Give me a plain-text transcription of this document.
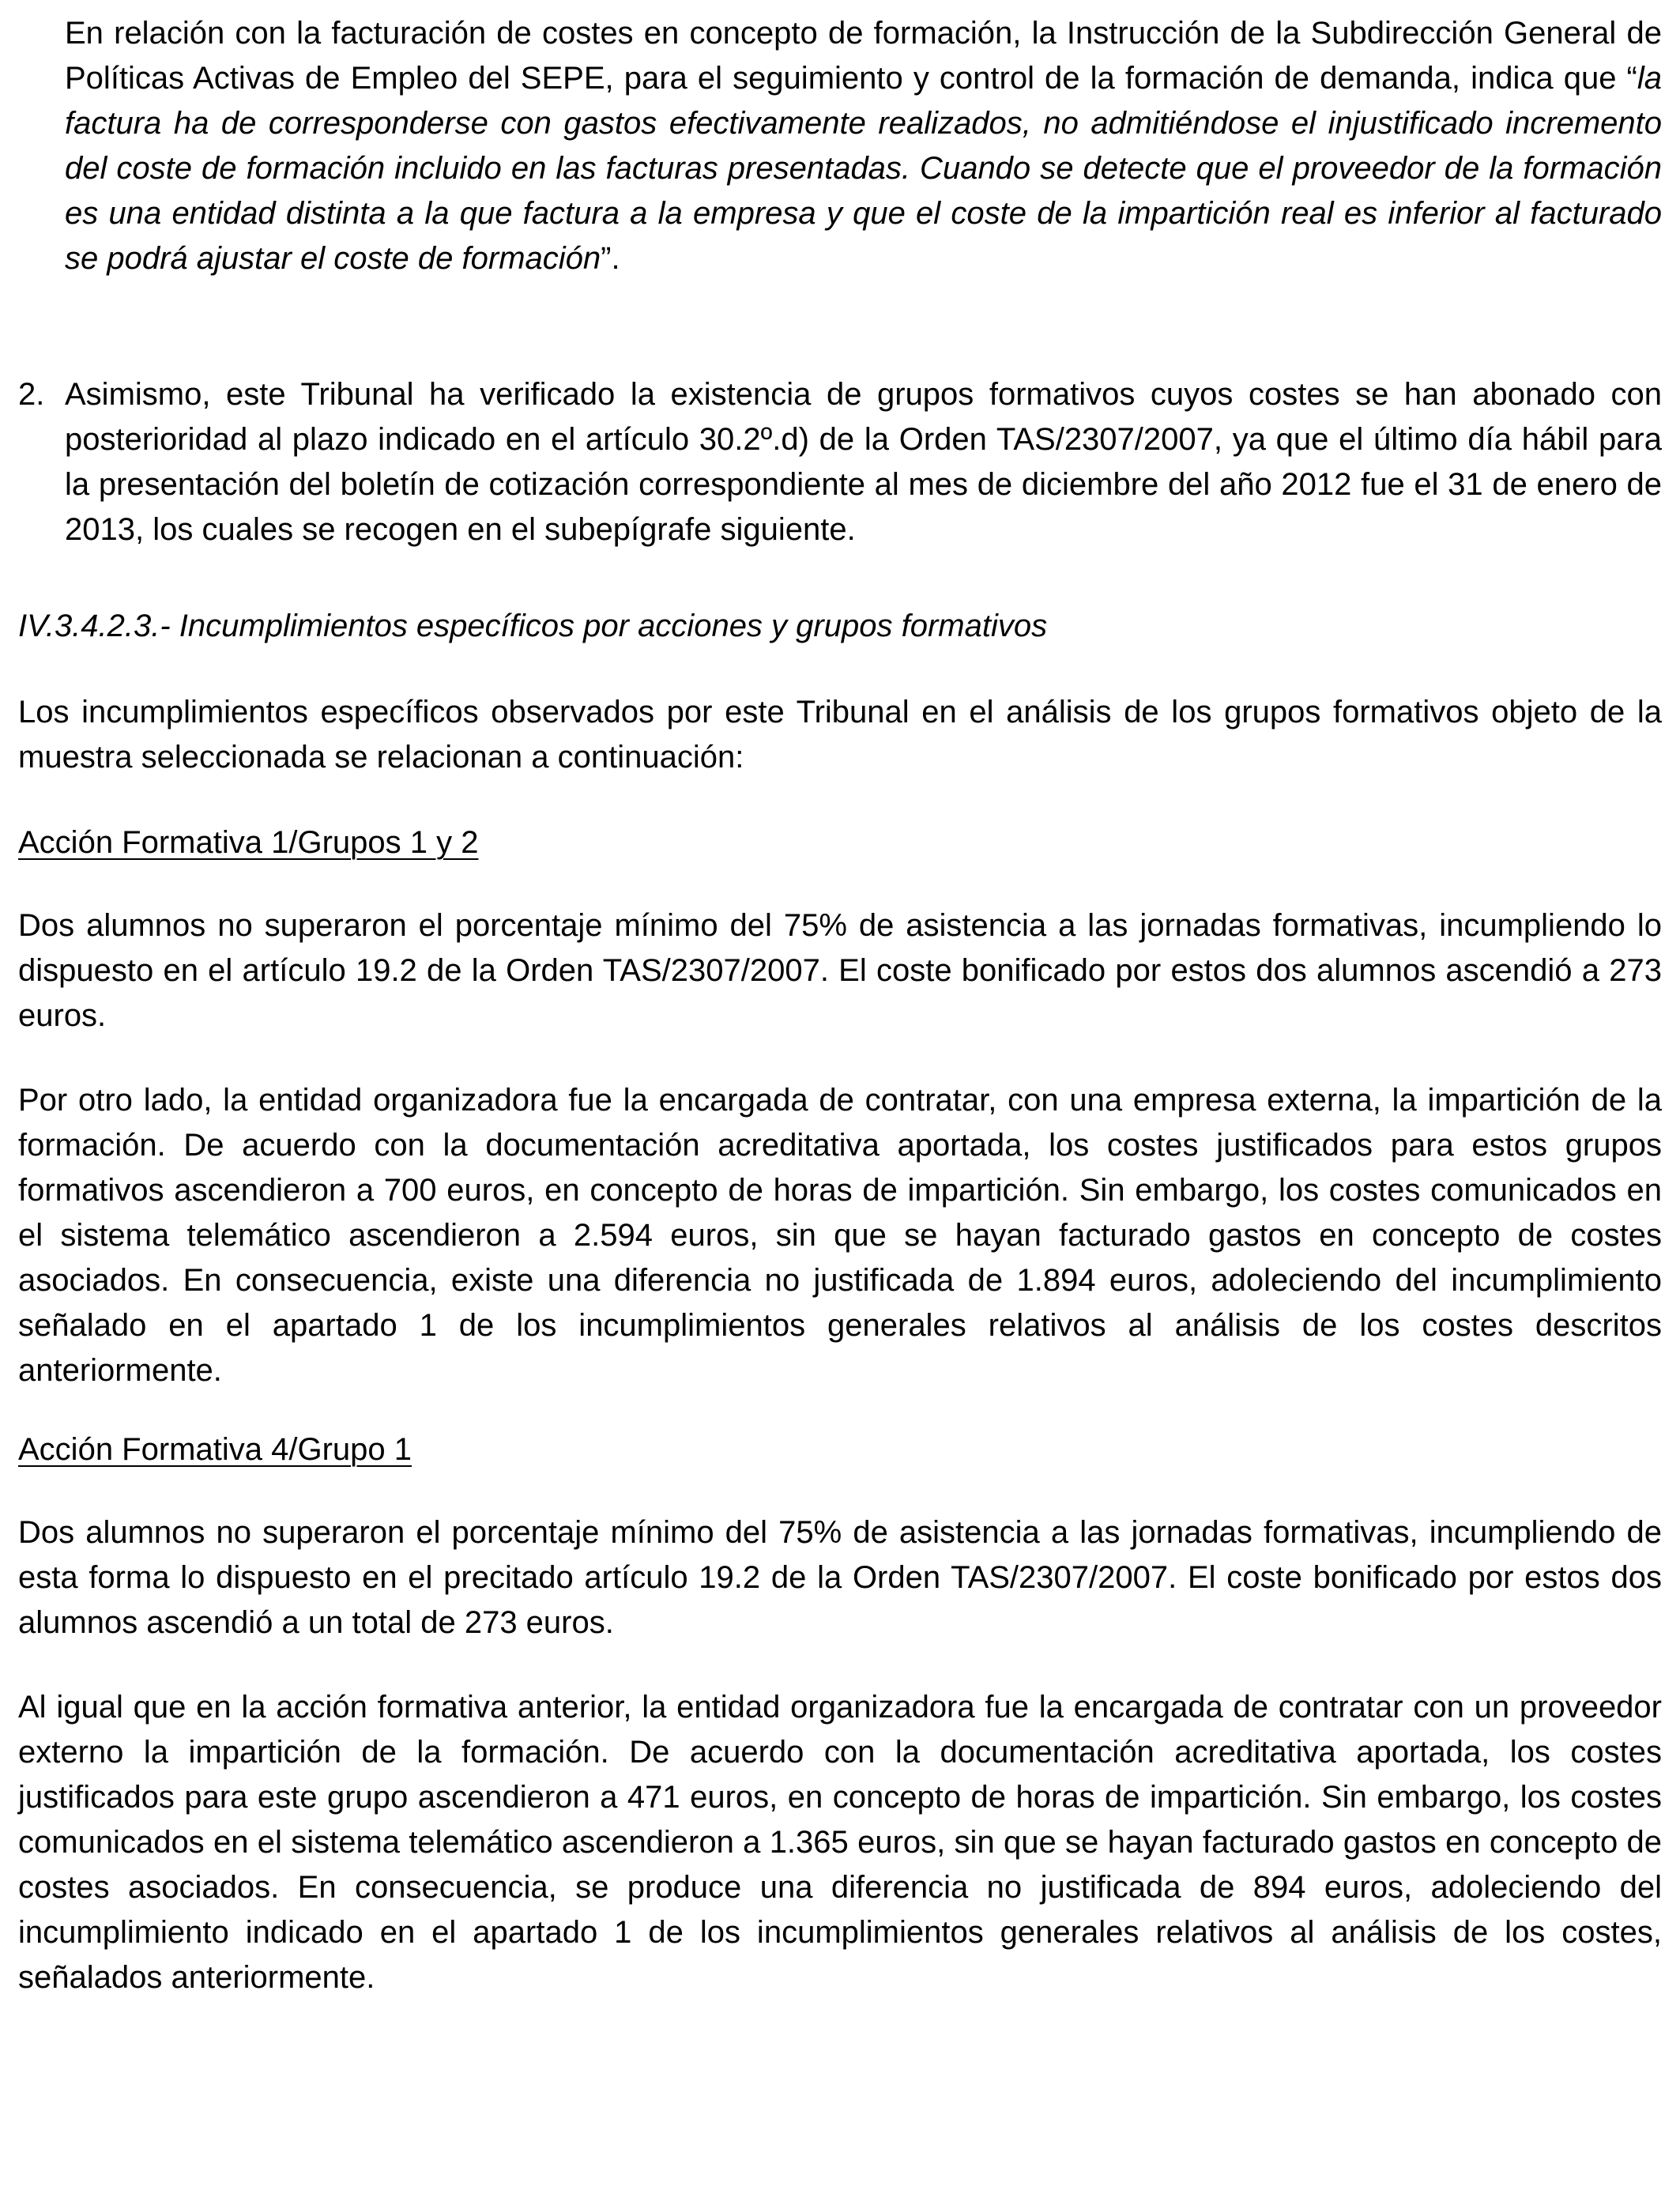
En relación con la facturación de costes en concepto de formación, la Instrucción de la Subdirección General de Políticas Activas de Empleo del SEPE, para el seguimiento y control de la formación de demanda, indica que “la factura ha de corresponderse con gastos efectivamente realizados, no admitiéndose el injustificado incremento del coste de formación incluido en las facturas presentadas. Cuando se detecte que el proveedor de la formación es una entidad distinta a la que factura a la empresa y que el coste de la impartición real es inferior al facturado se podrá ajustar el coste de formación”.

2. Asimismo, este Tribunal ha verificado la existencia de grupos formativos cuyos costes se han abonado con posterioridad al plazo indicado en el artículo 30.2º.d) de la Orden TAS/2307/2007, ya que el último día hábil para la presentación del boletín de cotización correspondiente al mes de diciembre del año 2012 fue el 31 de enero de 2013, los cuales se recogen en el subepígrafe siguiente.

IV.3.4.2.3.- Incumplimientos específicos por acciones y grupos formativos

Los incumplimientos específicos observados por este Tribunal en el análisis de los grupos formativos objeto de la muestra seleccionada se relacionan a continuación:

Acción Formativa 1/Grupos 1 y 2

Dos alumnos no superaron el porcentaje mínimo del 75% de asistencia a las jornadas formativas, incumpliendo lo dispuesto en el artículo 19.2 de la Orden TAS/2307/2007. El coste bonificado por estos dos alumnos ascendió a 273 euros.

Por otro lado, la entidad organizadora fue la encargada de contratar, con una empresa externa, la impartición de la formación. De acuerdo con la documentación acreditativa aportada, los costes justificados para estos grupos formativos ascendieron a 700 euros, en concepto de horas de impartición. Sin embargo, los costes comunicados en el sistema telemático ascendieron a 2.594 euros, sin que se hayan facturado gastos en concepto de costes asociados. En consecuencia, existe una diferencia no justificada de 1.894 euros, adoleciendo del incumplimiento señalado en el apartado 1 de los incumplimientos generales relativos al análisis de los costes descritos anteriormente.

Acción Formativa 4/Grupo 1

Dos alumnos no superaron el porcentaje mínimo del 75% de asistencia a las jornadas formativas, incumpliendo de esta forma lo dispuesto en el precitado artículo 19.2 de la Orden TAS/2307/2007. El coste bonificado por estos dos alumnos ascendió a un total de 273 euros.

Al igual que en la acción formativa anterior, la entidad organizadora fue la encargada de contratar con un proveedor externo la impartición de la formación. De acuerdo con la documentación acreditativa aportada, los costes justificados para este grupo ascendieron a 471 euros, en concepto de horas de impartición. Sin embargo, los costes comunicados en el sistema telemático ascendieron a 1.365 euros, sin que se hayan facturado gastos en concepto de costes asociados. En consecuencia, se produce una diferencia no justificada de 894 euros, adoleciendo del incumplimiento indicado en el apartado 1 de los incumplimientos generales relativos al análisis de los costes, señalados anteriormente.
